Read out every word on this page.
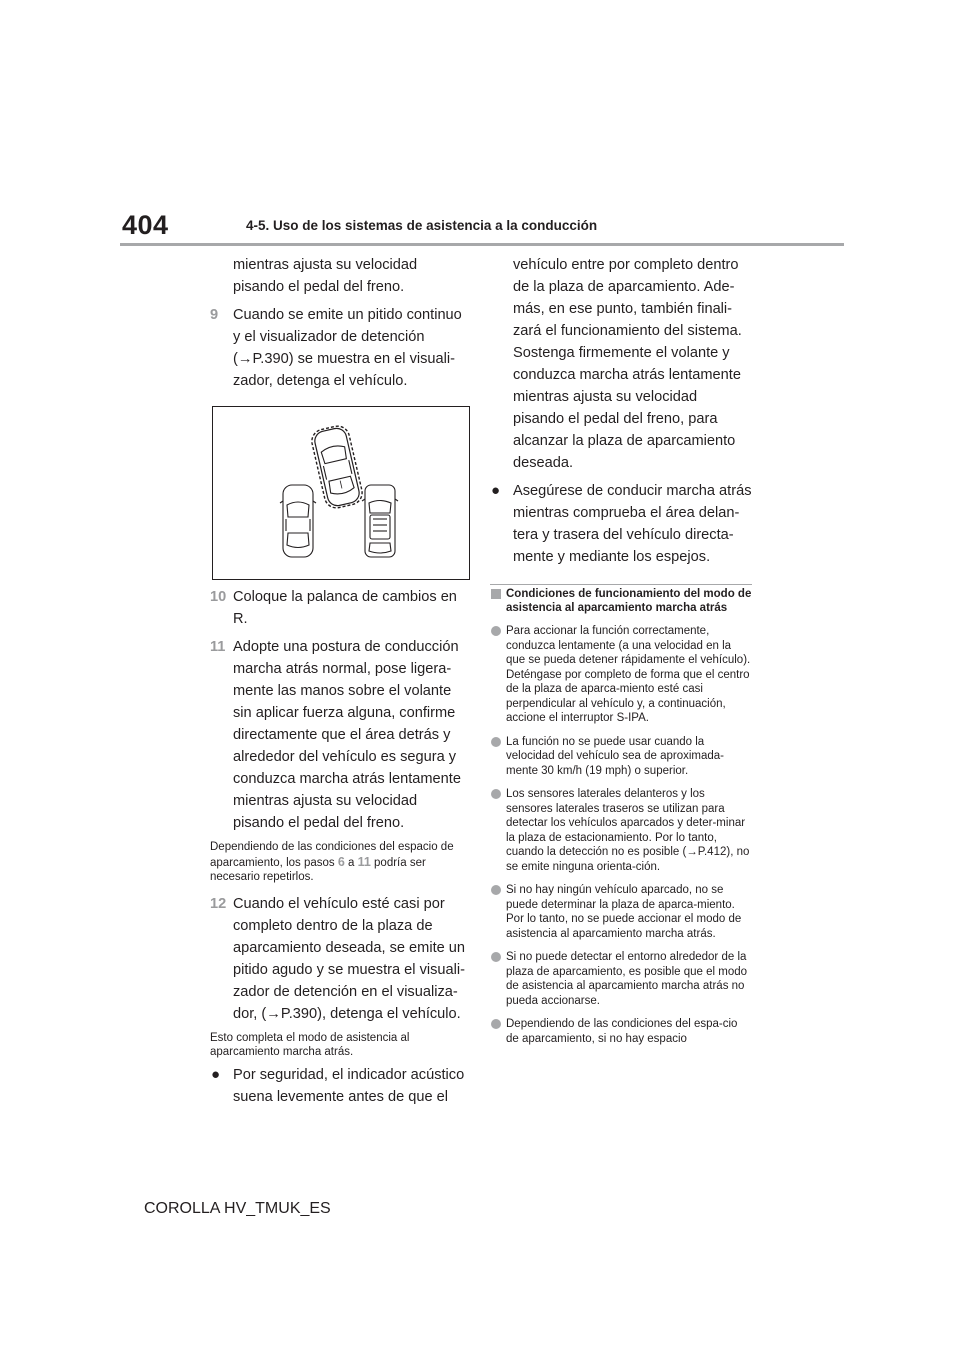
404	4-5. Uso de los sistemas de asistencia a la conducción
mientras ajusta su velocidad
pisando el pedal del freno.
9 Cuando se emite un pitido continuo
y el visualizador de detención
(→P.390) se muestra en el visuali-
zador, detenga el vehículo.
10 Coloque la palanca de cambios en
R.
11 Adopte una postura de conducción
marcha atrás normal, pose ligera-
mente las manos sobre el volante
sin aplicar fuerza alguna, confirme
directamente que el área detrás y
alrededor del vehículo es segura y
conduzca marcha atrás lentamente
mientras ajusta su velocidad
pisando el pedal del freno.
Dependiendo de las condiciones del espacio de aparcamiento, los pasos 6 a 11 podría ser necesario repetirlos.
12 Cuando el vehículo esté casi por
completo dentro de la plaza de
aparcamiento deseada, se emite un
pitido agudo y se muestra el visuali-
zador de detención en el visualiza-
dor, (→P.390), detenga el vehículo.
Esto completa el modo de asistencia al aparcamiento marcha atrás.
● Por seguridad, el indicador acústico
suena levemente antes de que el
vehículo entre por completo dentro
de la plaza de aparcamiento. Ade-
más, en ese punto, también finali-
zará el funcionamiento del sistema.
Sostenga firmemente el volante y
conduzca marcha atrás lentamente
mientras ajusta su velocidad
pisando el pedal del freno, para
alcanzar la plaza de aparcamiento
deseada.
● Asegúrese de conducir marcha atrás
mientras comprueba el área delan-
tera y trasera del vehículo directa-
mente y mediante los espejos.
Condiciones de funcionamiento del modo de asistencia al aparcamiento marcha atrás
Para accionar la función correctamente, conduzca lentamente (a una velocidad en la que se pueda detener rápidamente el vehículo). Deténgase por completo de forma que el centro de la plaza de aparca-miento esté casi perpendicular al vehículo y, a continuación, accione el interruptor S-IPA.
La función no se puede usar cuando la velocidad del vehículo sea de aproximada-mente 30 km/h (19 mph) o superior.
Los sensores laterales delanteros y los sensores laterales traseros se utilizan para detectar los vehículos aparcados y deter-minar la plaza de estacionamiento. Por lo tanto, cuando la detección no es posible (→P.412), no se emite ninguna orienta-ción.
Si no hay ningún vehículo aparcado, no se puede determinar la plaza de aparca-miento. Por lo tanto, no se puede accionar el modo de asistencia al aparcamiento marcha atrás.
Si no puede detectar el entorno alrededor de la plaza de aparcamiento, es posible que el modo de asistencia al aparcamiento marcha atrás no pueda accionarse.
Dependiendo de las condiciones del espa-cio de aparcamiento, si no hay espacio
COROLLA HV_TMUK_ES
